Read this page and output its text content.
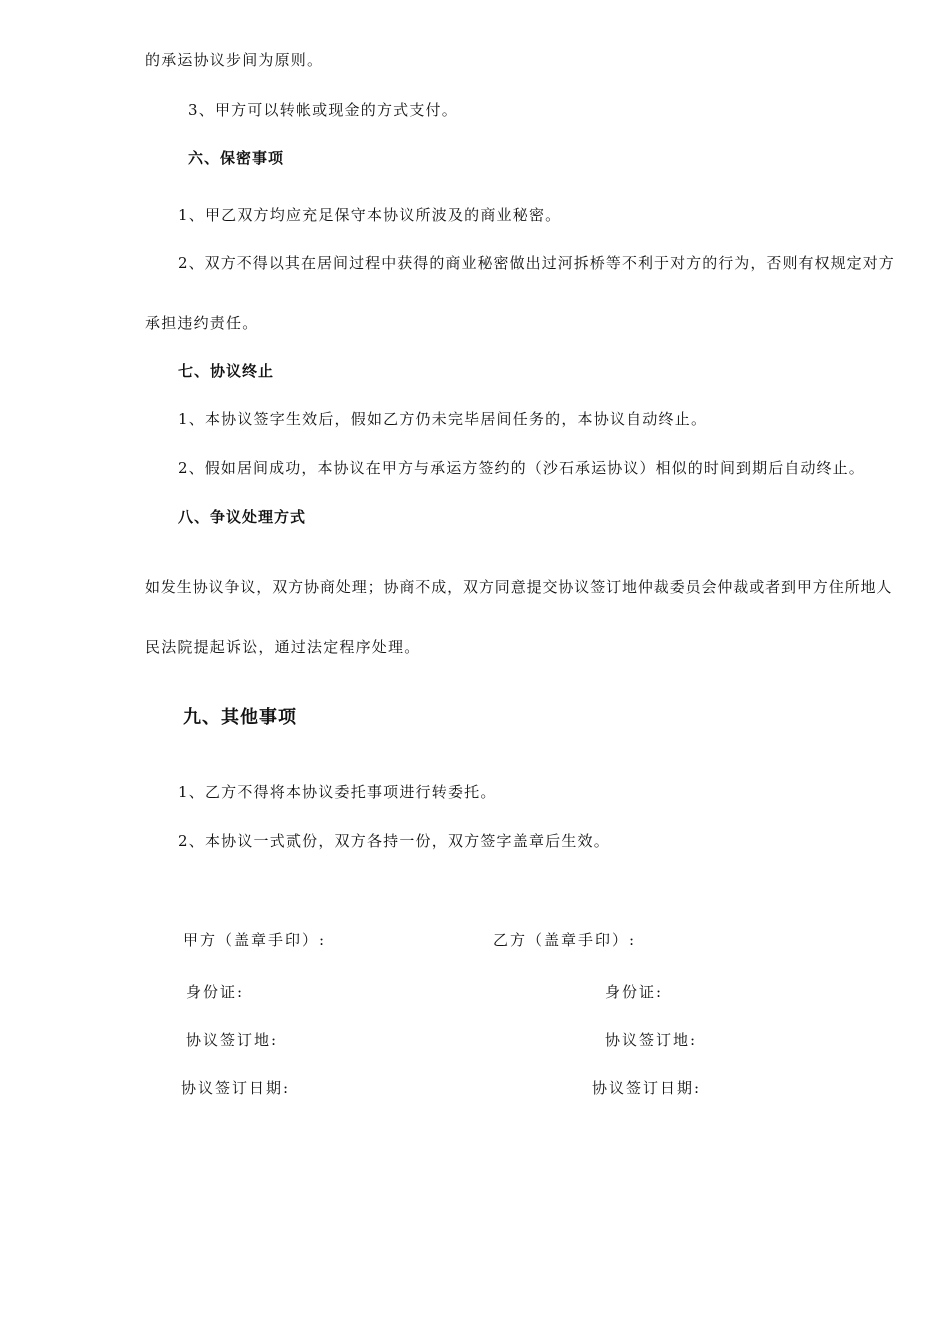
的承运协议步间为原则。
3、甲方可以转帐或现金的方式支付。
六、保密事项
1、甲乙双方均应充足保守本协议所波及的商业秘密。
2、双方不得以其在居间过程中获得的商业秘密做出过河拆桥等不利于对方的行为，否则有权规定对方
承担违约责任。
七、协议终止
1、本协议签字生效后，假如乙方仍未完毕居间任务的，本协议自动终止。
2、假如居间成功，本协议在甲方与承运方签约的（沙石承运协议）相似的时间到期后自动终止。
八、争议处理方式
如发生协议争议，双方协商处理；协商不成，双方同意提交协议签订地仲裁委员会仲裁或者到甲方住所地人
民法院提起诉讼，通过法定程序处理。
九、其他事项
1、乙方不得将本协议委托事项进行转委托。
2、本协议一式贰份，双方各持一份，双方签字盖章后生效。
甲方（盖章手印）:
身份证:
协议签订地:
协议签订日期:
乙方（盖章手印）:
身份证:
协议签订地:
协议签订日期:
